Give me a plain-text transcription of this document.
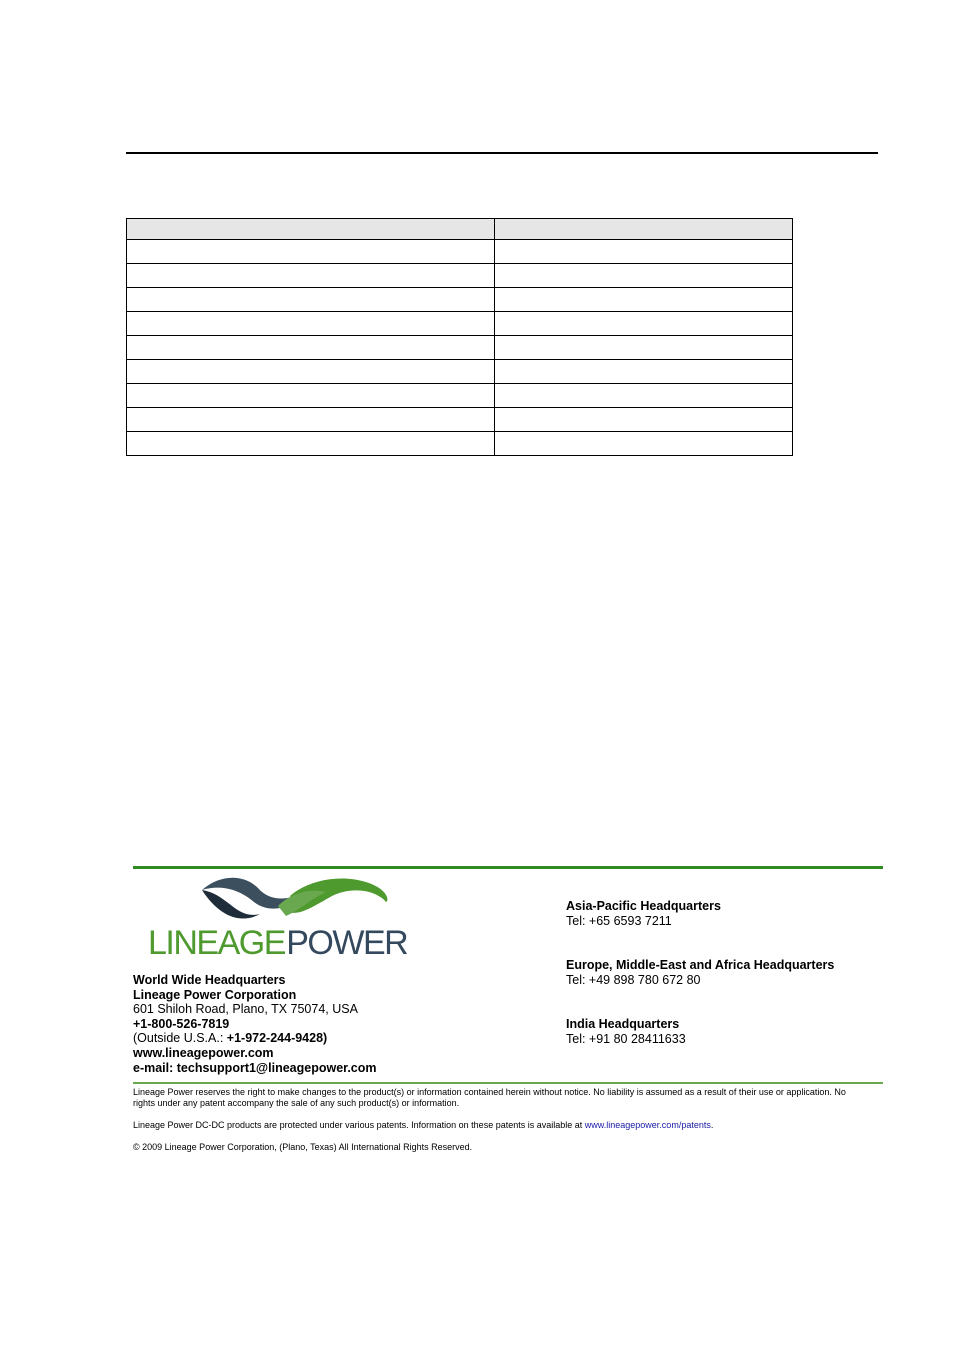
LINEAGE POWER
World Wide Headquarters
Lineage Power Corporation
601 Shiloh Road, Plano, TX 75074, USA
+1-800-526-7819
(Outside U.S.A.: +1-972-244-9428)
www.lineagepower.com
e-mail: techsupport1@lineagepower.com
Asia-Pacific Headquarters
Tel: +65 6593 7211
Europe, Middle-East and Africa Headquarters
Tel: +49 898 780 672 80
India Headquarters
Tel: +91 80 28411633
Lineage Power reserves the right to make changes to the product(s) or information contained herein without notice. No liability is assumed as a result of their use or application. No rights under any patent accompany the sale of any such product(s) or information.
Lineage Power DC-DC products are protected under various patents. Information on these patents is available at www.lineagepower.com/patents.
© 2009 Lineage Power Corporation, (Plano, Texas) All International Rights Reserved.
